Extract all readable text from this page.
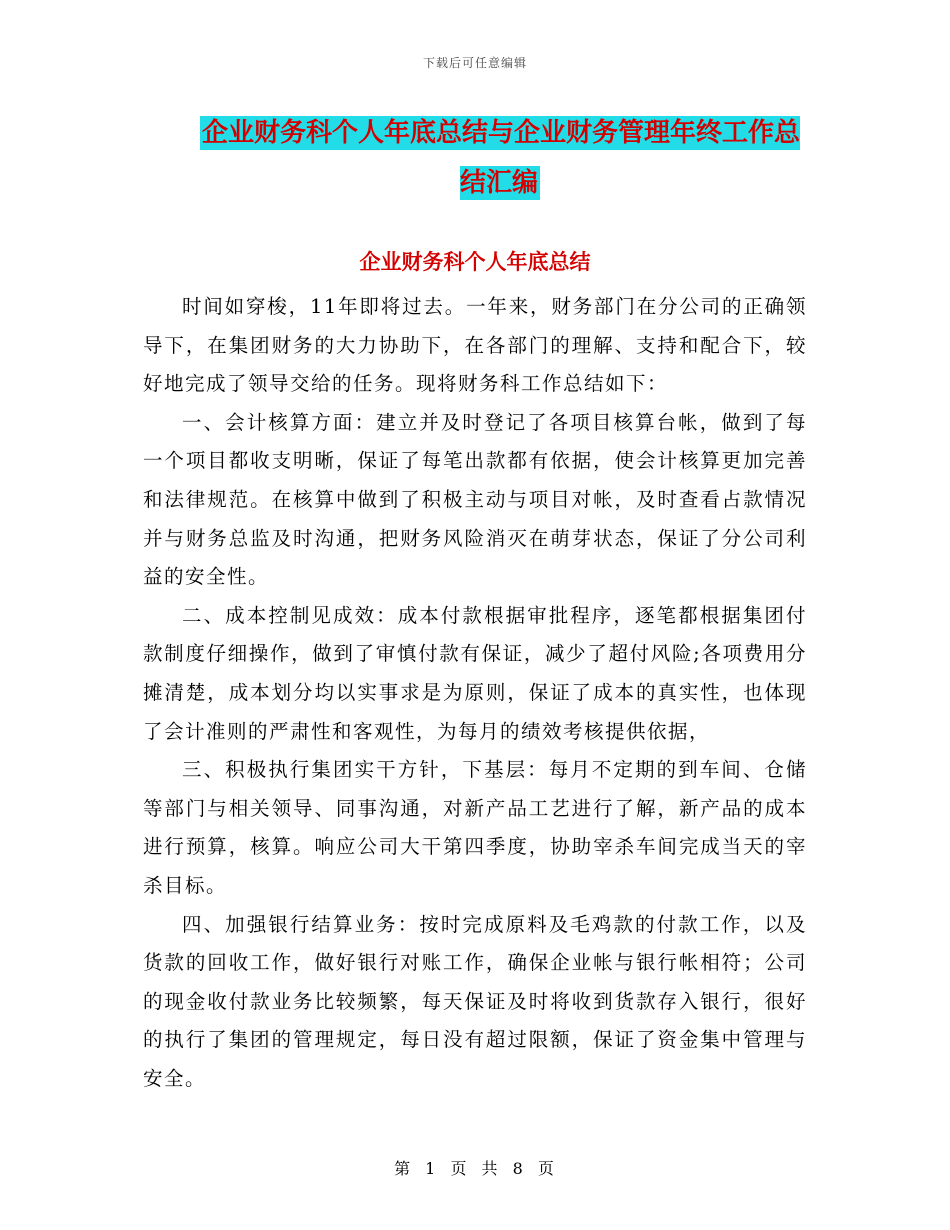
下载后可任意编辑
企业财务科个人年底总结与企业财务管理年终工作总结汇编
企业财务科个人年底总结

时间如穿梭，11年即将过去。一年来，财务部门在分公司的正确领导下，在集团财务的大力协助下，在各部门的理解、支持和配合下，较好地完成了领导交给的任务。现将财务科工作总结如下：

一、会计核算方面：建立并及时登记了各项目核算台帐，做到了每一个项目都收支明晰，保证了每笔出款都有依据，使会计核算更加完善和法律规范。在核算中做到了积极主动与项目对帐，及时查看占款情况并与财务总监及时沟通，把财务风险消灭在萌芽状态，保证了分公司利益的安全性。

二、成本控制见成效：成本付款根据审批程序，逐笔都根据集团付款制度仔细操作，做到了审慎付款有保证，减少了超付风险;各项费用分摊清楚，成本划分均以实事求是为原则，保证了成本的真实性，也体现了会计准则的严肃性和客观性，为每月的绩效考核提供依据，

三、积极执行集团实干方针，下基层：每月不定期的到车间、仓储等部门与相关领导、同事沟通，对新产品工艺进行了解，新产品的成本进行预算，核算。响应公司大干第四季度，协助宰杀车间完成当天的宰杀目标。

四、加强银行结算业务：按时完成原料及毛鸡款的付款工作，以及货款的回收工作，做好银行对账工作，确保企业帐与银行帐相符；公司的现金收付款业务比较频繁，每天保证及时将收到货款存入银行，很好的执行了集团的管理规定，每日没有超过限额，保证了资金集中管理与安全。

第 1 页 共 8 页
